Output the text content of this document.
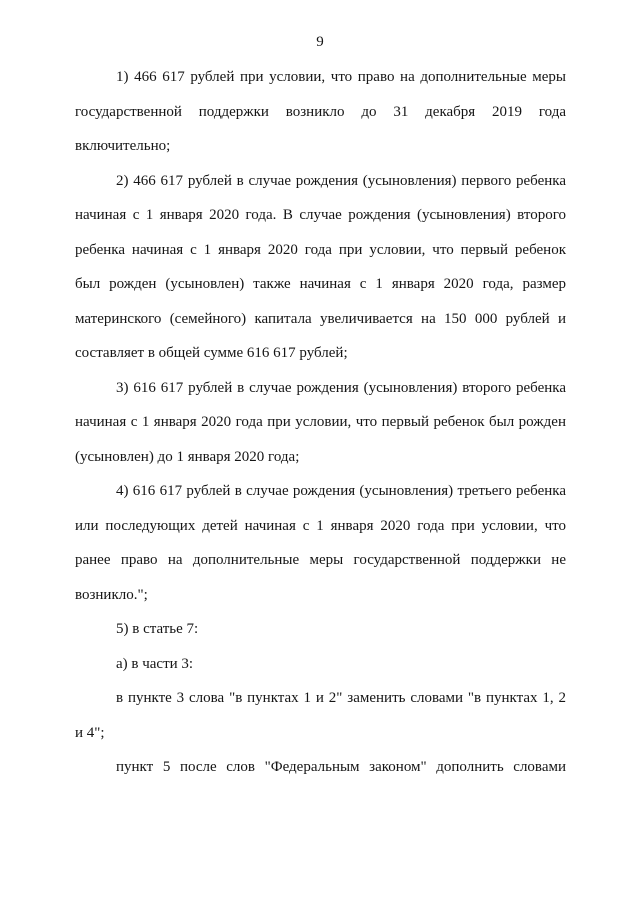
9
1) 466 617 рублей при условии, что право на дополнительные меры
государственной поддержки возникло до 31 декабря 2019 года
включительно;
2) 466 617 рублей в случае рождения (усыновления) первого ребенка
начиная с 1 января 2020 года. В случае рождения (усыновления) второго
ребенка начиная с 1 января 2020 года при условии, что первый ребенок
был рожден (усыновлен) также начиная с 1 января 2020 года, размер
материнского (семейного) капитала увеличивается на 150 000 рублей и
составляет в общей сумме 616 617 рублей;
3) 616 617 рублей в случае рождения (усыновления) второго ребенка
начиная с 1 января 2020 года при условии, что первый ребенок был рожден
(усыновлен) до 1 января 2020 года;
4) 616 617 рублей в случае рождения (усыновления) третьего ребенка
или последующих детей начиная с 1 января 2020 года при условии, что
ранее право на дополнительные меры государственной поддержки не
возникло.";
5) в статье 7:
а) в части 3:
в пункте 3 слова "в пунктах 1 и 2" заменить словами "в пунктах 1, 2
и 4";
пункт 5 после слов "Федеральным законом" дополнить словами
